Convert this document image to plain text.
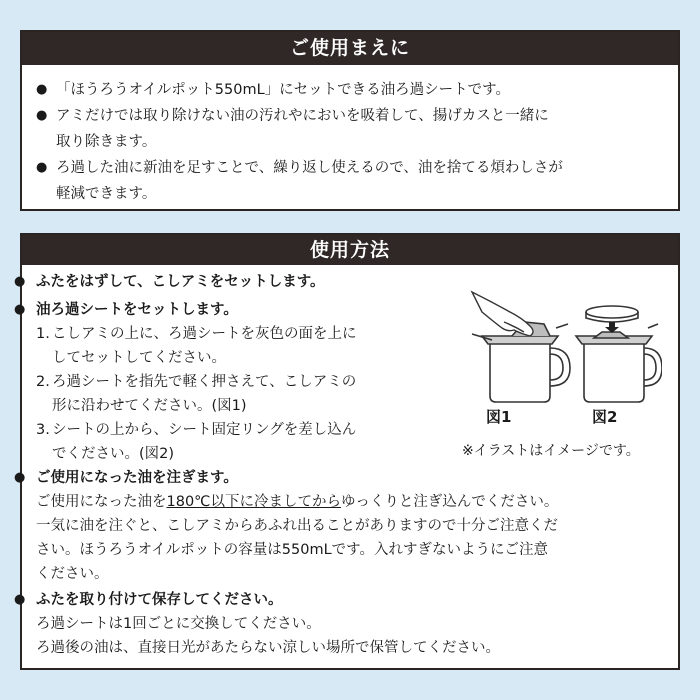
ご使用まえに
● 「ほうろうオイルポット550mL」にセットできる油ろ過シートです。
● アミだけでは取り除けない油の汚れやにおいを吸着して、揚げカスと一緒に
取り除きます。
● ろ過した油に新油を足すことで、繰り返し使えるので、油を捨てる煩わしさが
軽減できます。
使用方法
● ふたをはずして、こしアミをセットします。
● 油ろ過シートをセットします。
1. こしアミの上に、ろ過シートを灰色の面を上に
してセットしてください。
2. ろ過シートを指先で軽く押さえて、こしアミの
形に沿わせてください。(図1)
3. シートの上から、シート固定リングを差し込ん
でください。(図2)
● ご使用になった油を注ぎます。
ご使用になった油を180℃以下に冷ましてからゆっくりと注ぎ込んでください。
一気に油を注ぐと、こしアミからあふれ出ることがありますので十分ご注意くだ
さい。ほうろうオイルポットの容量は550mLです。入れすぎないようにご注意
ください。
● ふたを取り付けて保存してください。
ろ過シートは1回ごとに交換してください。
ろ過後の油は、直接日光があたらない涼しい場所で保管してください。
図1	図2
※イラストはイメージです。
